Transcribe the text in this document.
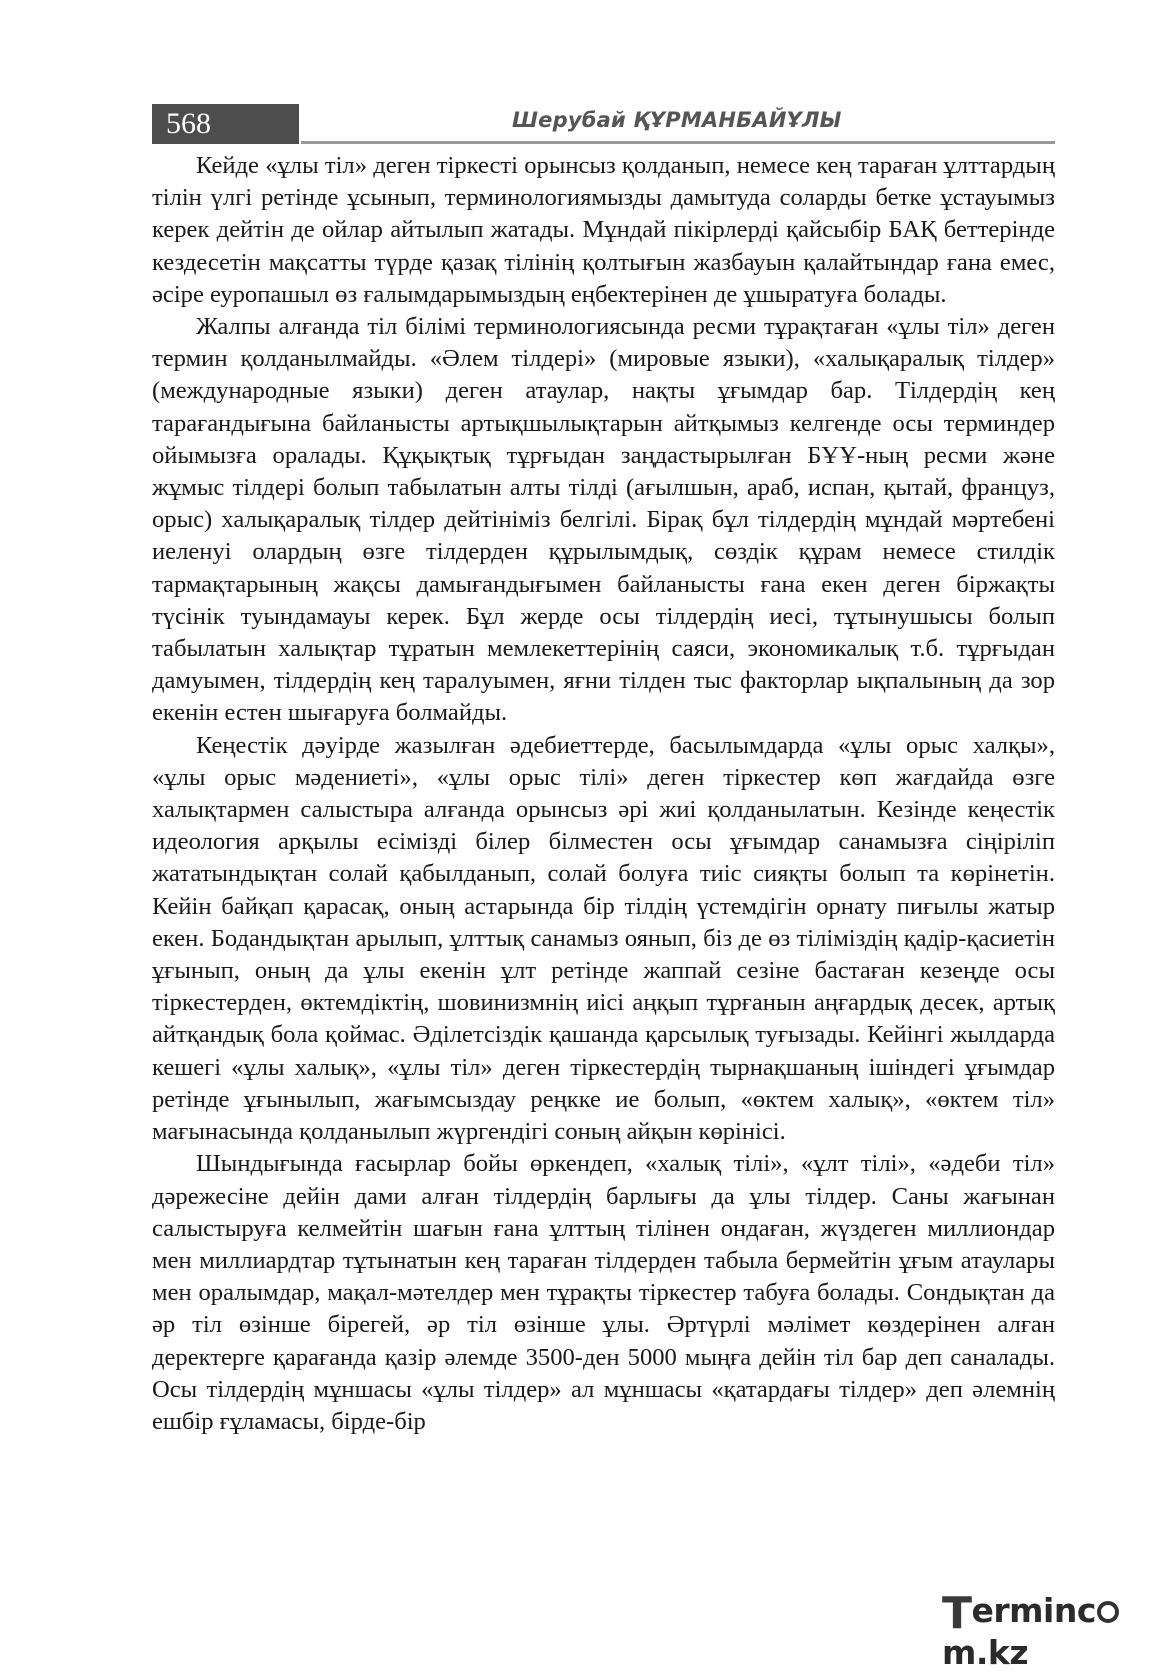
568	Шерубай ҚҰРМАНБАЙҰЛЫ

Кейде «ұлы тіл» деген тіркесті орынсыз қолданып, немесе кең тараған ұлттардың тілін үлгі ретінде ұсынып, терминологиямызды дамытуда соларды бетке ұстауымыз керек дейтін де ойлар айтылып жатады. Мұндай пікірлерді қайсыбір БАҚ беттерінде кездесетін мақсатты түрде қазақ тілінің қолтығын жазбауын қалайтындар ғана емес, әсіре еуропашыл өз ғалымдарымыздың еңбектерінен де ұшыратуға болады.

Жалпы алғанда тіл білімі терминологиясында ресми тұрақтаған «ұлы тіл» деген термин қолданылмайды. «Әлем тілдері» (мировые языки), «халықаралық тілдер» (международные языки) деген атаулар, нақты ұғымдар бар. Тілдердің кең тарағандығына байланысты артықшылықтарын айтқымыз келгенде осы терминдер ойымызға оралады. Құқықтық тұрғыдан заңдастырылған БҰҰ-ның ресми және жұмыс тілдері болып табылатын алты тілді (ағылшын, араб, испан, қытай, француз, орыс) халықаралық тілдер дейтініміз белгілі. Бірақ бұл тілдердің мұндай мәртебені иеленуі олардың өзге тілдерден құрылымдық, сөздік құрам немесе стилдік тармақтарының жақсы дамығандығымен байланысты ғана екен деген біржақты түсінік туындамауы керек. Бұл жерде осы тілдердің иесі, тұтынушысы болып табылатын халықтар тұратын мемлекеттерінің саяси, экономикалық т.б. тұрғыдан дамуымен, тілдердің кең таралуымен, яғни тілден тыс факторлар ықпалының да зор екенін естен шығаруға болмайды.

Кеңестік дәуірде жазылған әдебиеттерде, басылымдарда «ұлы орыс халқы», «ұлы орыс мәдениеті», «ұлы орыс тілі» деген тіркестер көп жағдайда өзге халықтармен салыстыра алғанда орынсыз әрі жиі қолданылатын. Кезінде кеңестік идеология арқылы есімізді білер білместен осы ұғымдар санамызға сіңіріліп жататындықтан солай қабылданып, солай болуға тиіс сияқты болып та көрінетін. Кейін байқап қарасақ, оның астарында бір тілдің үстемдігін орнату пиғылы жатыр екен. Бодандықтан арылып, ұлттық санамыз оянып, біз де өз тіліміздің қадір-қасиетін ұғынып, оның да ұлы екенін ұлт ретінде жаппай сезіне бастаған кезеңде осы тіркестерден, өктемдіктің, шовинизмнің иісі аңқып тұрғанын аңғардық десек, артық айтқандық бола қоймас. Әділетсіздік қашанда қарсылық туғызады. Кейінгі жылдарда кешегі «ұлы халық», «ұлы тіл» деген тіркестердің тырнақшаның ішіндегі ұғымдар ретінде ұғынылып, жағымсыздау реңкке ие болып, «өктем халық», «өктем тіл» мағынасында қолданылып жүргендігі соның айқын көрінісі.

Шындығында ғасырлар бойы өркендеп, «халық тілі», «ұлт тілі», «әдеби тіл» дәрежесіне дейін дами алған тілдердің барлығы да ұлы тілдер. Саны жағынан салыстыруға келмейтін шағын ғана ұлттың тілінен ондаған, жүздеген миллиондар мен миллиардтар тұтынатын кең тараған тілдерден табыла бермейтін ұғым атаулары мен оралымдар, мақал-мәтелдер мен тұрақты тіркестер табуға болады. Сондықтан да әр тіл өзінше бірегей, әр тіл өзінше ұлы. Әртүрлі мәлімет көздерінен алған деректерге қарағанда қазір әлемде 3500-ден 5000 мыңға дейін тіл бар деп саналады. Осы тілдердің мұншасы «ұлы тілдер» ал мұншасы «қатардағы тілдер» деп әлемнің ешбір ғұламасы, бірде-бір

Termincm.kz
